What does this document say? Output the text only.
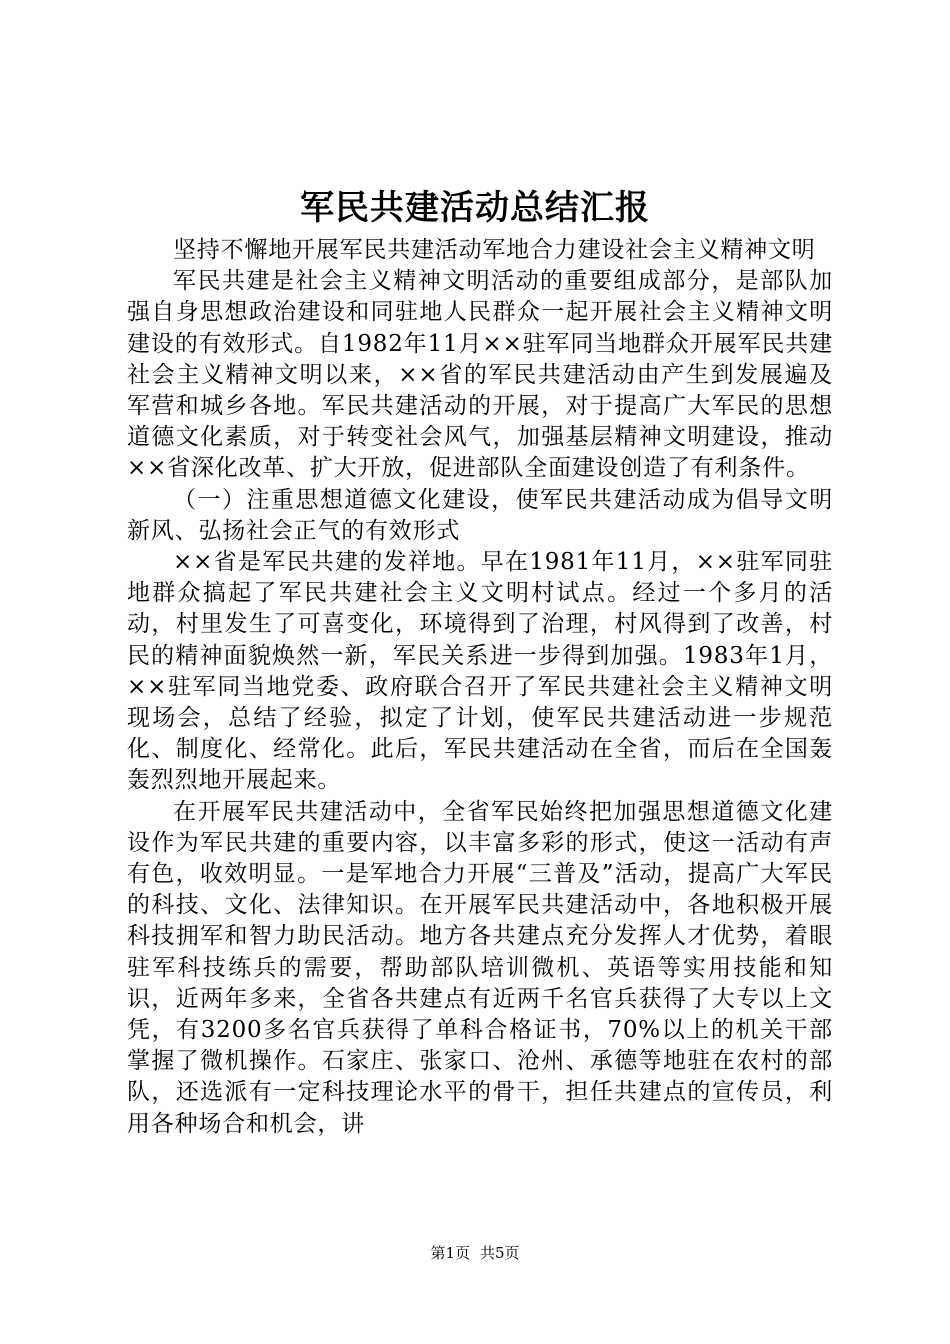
军民共建活动总结汇报

坚持不懈地开展军民共建活动军地合力建设社会主义精神文明

军民共建是社会主义精神文明活动的重要组成部分，是部队加强自身思想政治建设和同驻地人民群众一起开展社会主义精神文明建设的有效形式。自1982年11月××驻军同当地群众开展军民共建社会主义精神文明以来，××省的军民共建活动由产生到发展遍及军营和城乡各地。军民共建活动的开展，对于提高广大军民的思想道德文化素质，对于转变社会风气，加强基层精神文明建设，推动××省深化改革、扩大开放，促进部队全面建设创造了有利条件。

（一）注重思想道德文化建设，使军民共建活动成为倡导文明新风、弘扬社会正气的有效形式

××省是军民共建的发祥地。早在1981年11月，××驻军同驻地群众搞起了军民共建社会主义文明村试点。经过一个多月的活动，村里发生了可喜变化，环境得到了治理，村风得到了改善，村民的精神面貌焕然一新，军民关系进一步得到加强。1983年1月，××驻军同当地党委、政府联合召开了军民共建社会主义精神文明现场会，总结了经验，拟定了计划，使军民共建活动进一步规范化、制度化、经常化。此后，军民共建活动在全省，而后在全国轰轰烈烈地开展起来。

在开展军民共建活动中，全省军民始终把加强思想道德文化建设作为军民共建的重要内容，以丰富多彩的形式，使这一活动有声有色，收效明显。一是军地合力开展“三普及”活动，提高广大军民的科技、文化、法律知识。在开展军民共建活动中，各地积极开展科技拥军和智力助民活动。地方各共建点充分发挥人才优势，着眼驻军科技练兵的需要，帮助部队培训微机、英语等实用技能和知识，近两年多来，全省各共建点有近两千名官兵获得了大专以上文凭，有3200多名官兵获得了单科合格证书，70%以上的机关干部掌握了微机操作。石家庄、张家口、沧州、承德等地驻在农村的部队，还选派有一定科技理论水平的骨干，担任共建点的宣传员，利用各种场合和机会，讲

第1页 共5页
